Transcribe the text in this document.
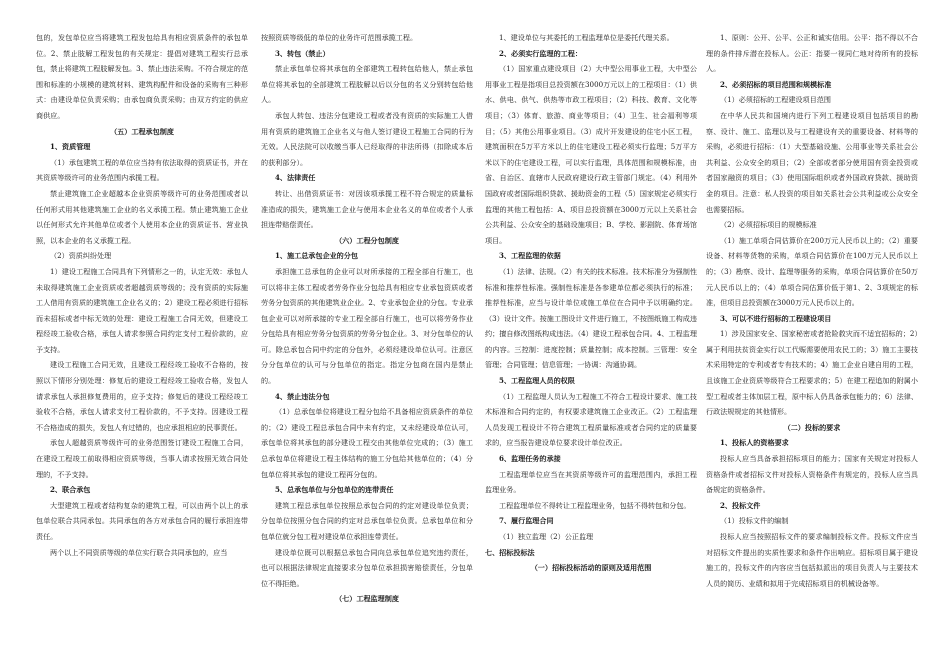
包的，发包单位应当将建筑工程发包给具有相应资质条件的承包单位。2、禁止肢解工程发包的有关规定：提倡对建筑工程实行总承包，禁止将建筑工程肢解发包。3、禁止违法采购。不符合规定的范围和标准的小规模的建筑材料、建筑构配件和设备的采购有三种形式：由建设单位负责采购；由承包商负责采购；由双方约定的供应商供应。

（五）工程承包制度

1、资质管理

（1）承包建筑工程的单位应当持有依法取得的资质证书，并在其资质等级许可的业务范围内承揽工程。

禁止建筑施工企业超越本企业资质等级许可的业务范围或者以任何形式用其他建筑施工企业的名义承揽工程。禁止建筑施工企业以任何形式允许其他单位或者个人使用本企业的资质证书、营业执照，以本企业的名义承揽工程。

（2）资质纠纷处理

1）建设工程施工合同具有下列情形之一的，认定无效：承包人未取得建筑施工企业资质或者超越资质等级的；没有资质的实际施工人借用有资质的建筑施工企业名义的；2）建设工程必须进行招标而未招标或者中标无效的处理：建设工程施工合同无效，但建设工程经竣工验收合格，承包人请求参照合同约定支付工程价款的，应予支持。

建设工程施工合同无效，且建设工程经竣工验收不合格的，按照以下情形分别处理：修复后的建设工程经竣工验收合格，发包人请求承包人承担修复费用的，应予支持；修复后的建设工程经竣工验收不合格，承包人请求支付工程价款的，不予支持。因建设工程不合格造成的损失，发包人有过错的，也应承担相应的民事责任。

承包人超越资质等级许可的业务范围签订建设工程施工合同，在建设工程竣工前取得相应资质等级，当事人请求按照无效合同处理的，不予支持。

2、联合承包

大型建筑工程或者结构复杂的建筑工程，可以由两个以上的承包单位联合共同承包。共同承包的各方对承包合同的履行承担连带责任。

两个以上不同资质等级的单位实行联合共同承包的，应当

按照资质等级低的单位的业务许可范围承揽工程。

3、转包（禁止）

禁止承包单位将其承包的全部建筑工程转包给他人，禁止承包单位将其承包的全部建筑工程肢解以后以分包的名义分别转包给他人。

承包人转包、违法分包建设工程或者没有资质的实际施工人借用有资质的建筑施工企业名义与他人签订建设工程施工合同的行为无效。人民法院可以收缴当事人已经取得的非法所得（扣除成本后的获利部分）。

4、法律责任

转让、出借资质证书：对因该项承揽工程不符合规定的质量标准造成的损失，建筑施工企业与使用本企业名义的单位或者个人承担连带赔偿责任。

（六）工程分包制度

1、施工总承包企业的分包

承担施工总承包的企业可以对所承接的工程全部自行施工，也可以将非主体工程或者劳务作业分包给具有相应专业承包资质或者劳务分包资质的其他建筑业企业。2、专业承包企业的分包。专业承包企业可以对所承接的专业工程全部自行施工，也可以将劳务作业分包给具有相应劳务分包资质的劳务分包企业。3、对分包单位的认可。除总承包合同中约定的分包外，必须经建设单位认可。注意区分分包单位的认可与分包单位的指定。指定分包商在国内是禁止的。

4、禁止违法分包

（1）总承包单位将建设工程分包给不具备相应资质条件的单位的；（2）建设工程总承包合同中未有约定，又未经建设单位认可，承包单位将其承包的部分建设工程交由其他单位完成的；（3）施工总承包单位将建设工程主体结构的施工分包给其他单位的；（4）分包单位将其承包的建设工程再分包的。

5、总承包单位与分包单位的连带责任

建筑工程总承包单位按照总承包合同的约定对建设单位负责；分包单位按照分包合同的约定对总承包单位负责。总承包单位和分包单位就分包工程对建设单位承担连带责任。

建设单位既可以根据总承包合同向总承包单位追究违约责任，也可以根据法律规定直接要求分包单位承担损害赔偿责任，分包单位不得拒绝。

（七）工程监理制度

1、建设单位与其委托的工程监理单位是委托代理关系。

2、必须实行监理的工程：

（1）国家重点建设项目（2）大中型公用事业工程，大中型公用事业工程是指项目总投资额在3000万元以上的工程项目：（1）供水、供电、供气、供热等市政工程项目；（2）科技、教育、文化等项目；（3）体育、旅游、商业等项目；（4）卫生、社会福利等项目；（5）其他公用事业项目。（3）成片开发建设的住宅小区工程，建筑面积在5万平方米以上的住宅建设工程必须实行监理；5万平方米以下的住宅建设工程，可以实行监理，具体范围和规模标准，由省、自治区、直辖市人民政府建设行政主管部门规定。（4）利用外国政府或者国际组织贷款、援助资金的工程（5）国家规定必须实行监理的其他工程包括：A、项目总投资额在3000万元以上关系社会公共利益、公众安全的基础设施项目；B、学校、影剧院、体育场馆项目。

3、工程监理的依据

（1）法律、法规。（2）有关的技术标准。技术标准分为强制性标准和推荐性标准。强制性标准是各参建单位都必须执行的标准；推荐性标准，应当与设计单位或施工单位在合同中予以明确约定。（3）设计文件。按施工图设计文件进行施工，不按图纸施工构成违约；擅自修改图纸构成违法。（4）建设工程承包合同。4、工程监理的内容。三控制：进度控制；质量控制；成本控制。三管理：安全管理；合同管理；信息管理；一协调：沟通协调。

5、工程监理人员的权限

（1）工程监理人员认为工程施工不符合工程设计要求、施工技术标准和合同约定的，有权要求建筑施工企业改正。（2）工程监理人员发现工程设计不符合建筑工程质量标准或者合同约定的质量要求的，应当报告建设单位要求设计单位改正。

6、监理任务的承接

工程监理单位应当在其资质等级许可的监理范围内，承担工程监理业务。

工程监理单位不得转让工程监理业务，包括不得转包和分包。

7、履行监理合同

（1）独立监理（2）公正监理

七、招标投标法

（一）招标投标活动的原则及适用范围

1、原则：公开、公平、公正和诚实信用。公平：指不得以不合理的条件排斥潜在投标人。公正：指要一视同仁地对待所有的投标人。

2、必须招标的项目范围和规模标准

（1）必须招标的工程建设项目范围

在中华人民共和国境内进行下列工程建设项目包括项目的勘察、设计、施工、监理以及与工程建设有关的重要设备、材料等的采购，必须进行招标：（1）大型基础设施、公用事业等关系社会公共利益、公众安全的项目；（2）全部或者部分使用国有资金投资或者国家融资的项目；（3）使用国际组织或者外国政府贷款、援助资金的项目。注意：私人投资的项目如关系社会公共利益或公众安全也需要招标。

（2）必须招标项目的规模标准

（1）施工单项合同估算价在200万元人民币以上的；（2）重要设备、材料等货物的采购，单项合同估算价在100万元人民币以上的；（3）勘察、设计、监理等服务的采购，单项合同估算价在50万元人民币以上的；（4）单项合同估算价低于第1、2、3项规定的标准，但项目总投资额在3000万元人民币以上的。

3、可以不进行招标的工程建设项目

1）涉及国家安全、国家秘密或者抢险救灾而不适宜招标的；2）属于利用扶贫资金实行以工代赈需要使用农民工的；3）施工主要技术采用特定的专利或者专有技术的；4）施工企业自建自用的工程，且该施工企业资质等级符合工程要求的；5）在建工程追加的附属小型工程或者主体加层工程，原中标人仍具备承包能力的；6）法律、行政法规规定的其他情形。

（二）投标的要求

1、投标人的资格要求

投标人应当具备承担招标项目的能力；国家有关规定对投标人资格条件或者招标文件对投标人资格条件有规定的，投标人应当具备规定的资格条件。

2、投标文件

（1）投标文件的编制

投标人应当按照招标文件的要求编制投标文件。投标文件应当对招标文件提出的实质性要求和条件作出响应。招标项目属于建设施工的，投标文件的内容应当包括拟派出的项目负责人与主要技术人员的简历、业绩和拟用于完成招标项目的机械设备等。
